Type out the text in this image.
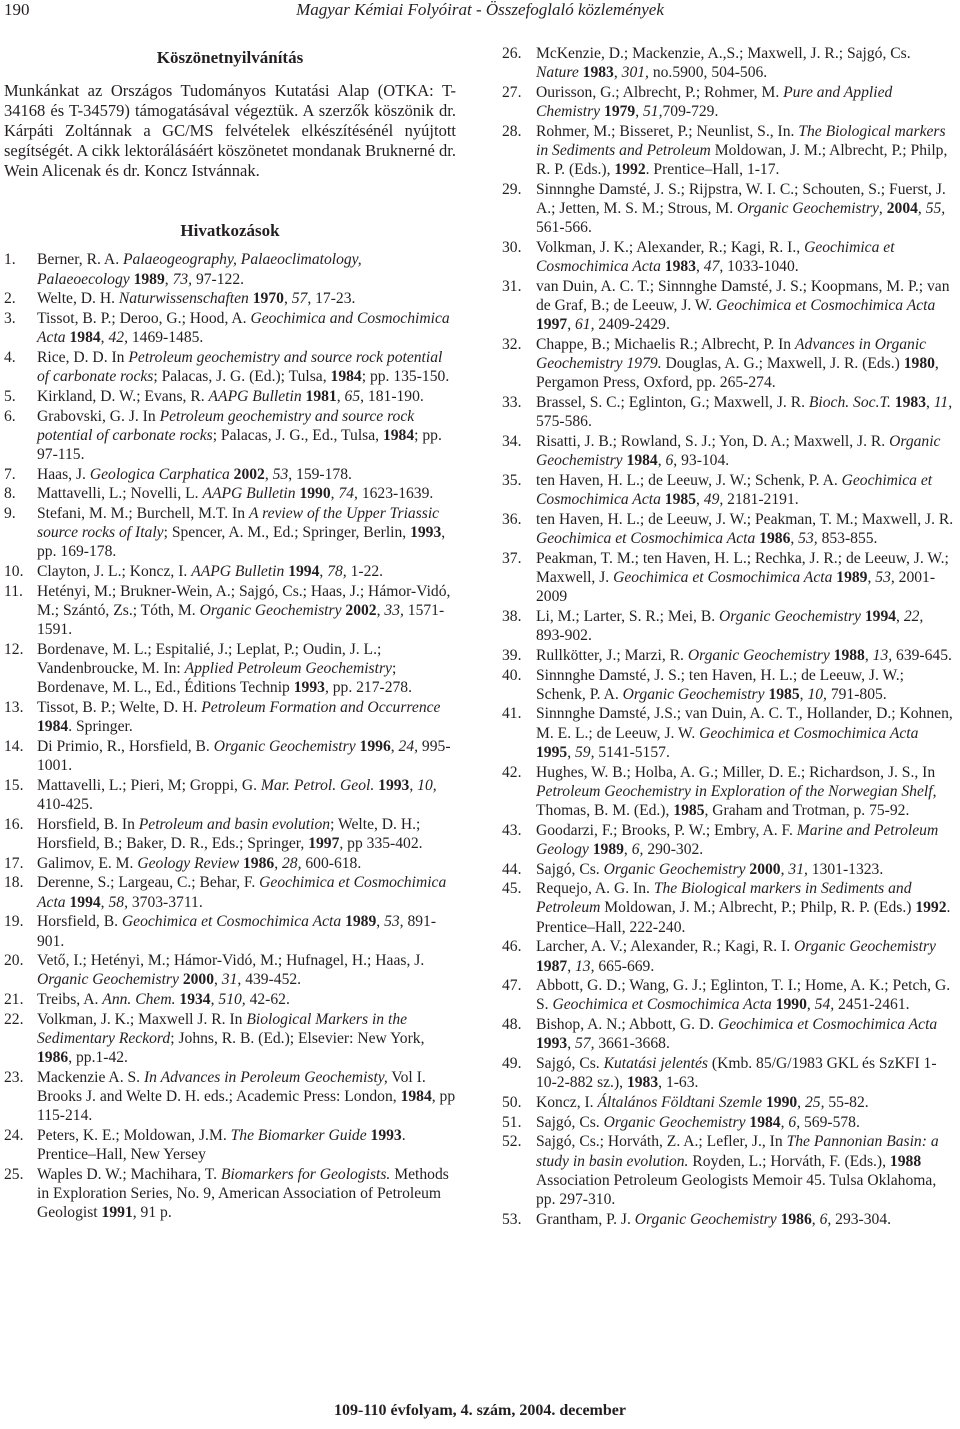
190	Magyar Kémiai Folyóirat - Összefoglaló közlemények
Köszönetnyilvánítás

Munkánkat az Országos Tudományos Kutatási Alap (OTKA: T-34168 és T-34579) támogatásával végeztük. A szerzők köszönik dr. Kárpáti Zoltánnak a GC/MS felvételek elkészítésénél nyújtott segítségét. A cikk lektorálásáért köszönetet mondanak Bruknerné dr. Wein Alicenak és dr. Koncz Istvánnak.

Hivatkozások
1. Berner, R. A. Palaeogeography, Palaeoclimatology, Palaeoecology 1989, 73, 97-122.
2. Welte, D. H. Naturwissenschaften 1970, 57, 17-23.
3. Tissot, B. P.; Deroo, G.; Hood, A. Geochimica and Cosmochimica Acta 1984, 42, 1469-1485.
4. Rice, D. D. In Petroleum geochemistry and source rock potential of carbonate rocks; Palacas, J. G. (Ed.); Tulsa, 1984; pp. 135-150.
5. Kirkland, D. W.; Evans, R. AAPG Bulletin 1981, 65, 181-190.
6. Grabovski, G. J. In Petroleum geochemistry and source rock potential of carbonate rocks; Palacas, J. G., Ed., Tulsa, 1984; pp. 97-115.
7. Haas, J. Geologica Carphatica 2002, 53, 159-178.
8. Mattavelli, L.; Novelli, L. AAPG Bulletin 1990, 74, 1623-1639.
9. Stefani, M. M.; Burchell, M.T. In A review of the Upper Triassic source rocks of Italy; Spencer, A. M., Ed.; Springer, Berlin, 1993, pp. 169-178.
10. Clayton, J. L.; Koncz, I. AAPG Bulletin 1994, 78, 1-22.
11. Hetényi, M.; Brukner-Wein, A.; Sajgó, Cs.; Haas, J.; Hámor-Vidó, M.; Szántó, Zs.; Tóth, M. Organic Geochemistry 2002, 33, 1571-1591.
12. Bordenave, M. L.; Espitalié, J.; Leplat, P.; Oudin, J. L.; Vandenbroucke, M. In: Applied Petroleum Geochemistry; Bordenave, M. L., Ed., Éditions Technip 1993, pp. 217-278.
13. Tissot, B. P.; Welte, D. H. Petroleum Formation and Occurrence 1984. Springer.
14. Di Primio, R., Horsfield, B. Organic Geochemistry 1996, 24, 995-1001.
15. Mattavelli, L.; Pieri, M; Groppi, G. Mar. Petrol. Geol. 1993, 10, 410-425.
16. Horsfield, B. In Petroleum and basin evolution; Welte, D. H.; Horsfield, B.; Baker, D. R., Eds.; Springer, 1997, pp 335-402.
17. Galimov, E. M. Geology Review 1986, 28, 600-618.
18. Derenne, S.; Largeau, C.; Behar, F. Geochimica et Cosmochimica Acta 1994, 58, 3703-3711.
19. Horsfield, B. Geochimica et Cosmochimica Acta 1989, 53, 891-901.
20. Vető, I.; Hetényi, M.; Hámor-Vidó, M.; Hufnagel, H.; Haas, J. Organic Geochemistry 2000, 31, 439-452.
21. Treibs, A. Ann. Chem. 1934, 510, 42-62.
22. Volkman, J. K.; Maxwell J. R. In Biological Markers in the Sedimentary Reckord; Johns, R. B. (Ed.); Elsevier: New York, 1986, pp.1-42.
23. Mackenzie A. S. In Advances in Peroleum Geochemisty, Vol I. Brooks J. and Welte D. H. eds.; Academic Press: London, 1984, pp 115-214.
24. Peters, K. E.; Moldowan, J.M. The Biomarker Guide 1993. Prentice–Hall, New Yersey
25. Waples D. W.; Machihara, T. Biomarkers for Geologists. Methods in Exploration Series, No. 9, American Association of Petroleum Geologist 1991, 91 p.
26. McKenzie, D.; Mackenzie, A.,S.; Maxwell, J. R.; Sajgó, Cs. Nature 1983, 301, no.5900, 504-506.
27. Ourisson, G.; Albrecht, P.; Rohmer, M. Pure and Applied Chemistry 1979, 51,709-729.
28. Rohmer, M.; Bisseret, P.; Neunlist, S., In. The Biological markers in Sediments and Petroleum Moldowan, J. M.; Albrecht, P.; Philp, R. P. (Eds.), 1992. Prentice–Hall, 1-17.
29. Sinnnghe Damsté, J. S.; Rijpstra, W. I. C.; Schouten, S.; Fuerst, J. A.; Jetten, M. S. M.; Strous, M. Organic Geochemistry, 2004, 55, 561-566.
30. Volkman, J. K.; Alexander, R.; Kagi, R. I., Geochimica et Cosmochimica Acta 1983, 47, 1033-1040.
31. van Duin, A. C. T.; Sinnnghe Damsté, J. S.; Koopmans, M. P.; van de Graf, B.; de Leeuw, J. W. Geochimica et Cosmochimica Acta 1997, 61, 2409-2429.
32. Chappe, B.; Michaelis R.; Albrecht, P. In Advances in Organic Geochemistry 1979. Douglas, A. G.; Maxwell, J. R. (Eds.) 1980, Pergamon Press, Oxford, pp. 265-274.
33. Brassel, S. C.; Eglinton, G.; Maxwell, J. R. Bioch. Soc.T. 1983, 11, 575-586.
34. Risatti, J. B.; Rowland, S. J.; Yon, D. A.; Maxwell, J. R. Organic Geochemistry 1984, 6, 93-104.
35. ten Haven, H. L.; de Leeuw, J. W.; Schenk, P. A. Geochimica et Cosmochimica Acta 1985, 49, 2181-2191.
36. ten Haven, H. L.; de Leeuw, J. W.; Peakman, T. M.; Maxwell, J. R. Geochimica et Cosmochimica Acta 1986, 53, 853-855.
37. Peakman, T. M.; ten Haven, H. L.; Rechka, J. R.; de Leeuw, J. W.; Maxwell, J. Geochimica et Cosmochimica Acta 1989, 53, 2001-2009
38. Li, M.; Larter, S. R.; Mei, B. Organic Geochemistry 1994, 22, 893-902.
39. Rullkötter, J.; Marzi, R. Organic Geochemistry 1988, 13, 639-645.
40. Sinnnghe Damsté, J. S.; ten Haven, H. L.; de Leeuw, J. W.; Schenk, P. A. Organic Geochemistry 1985, 10, 791-805.
41. Sinnnghe Damsté, J.S.; van Duin, A. C. T., Hollander, D.; Kohnen, M. E. L.; de Leeuw, J. W. Geochimica et Cosmochimica Acta 1995, 59, 5141-5157.
42. Hughes, W. B.; Holba, A. G.; Miller, D. E.; Richardson, J. S., In Petroleum Geochemistry in Exploration of the Norwegian Shelf, Thomas, B. M. (Ed.), 1985, Graham and Trotman, p. 75-92.
43. Goodarzi, F.; Brooks, P. W.; Embry, A. F. Marine and Petroleum Geology 1989, 6, 290-302.
44. Sajgó, Cs. Organic Geochemistry 2000, 31, 1301-1323.
45. Requejo, A. G. In. The Biological markers in Sediments and Petroleum Moldowan, J. M.; Albrecht, P.; Philp, R. P. (Eds.) 1992. Prentice–Hall, 222-240.
46. Larcher, A. V.; Alexander, R.; Kagi, R. I. Organic Geochemistry 1987, 13, 665-669.
47. Abbott, G. D.; Wang, G. J.; Eglinton, T. I.; Home, A. K.; Petch, G. S. Geochimica et Cosmochimica Acta 1990, 54, 2451-2461.
48. Bishop, A. N.; Abbott, G. D. Geochimica et Cosmochimica Acta 1993, 57, 3661-3668.
49. Sajgó, Cs. Kutatási jelentés (Kmb. 85/G/1983 GKL és SzKFI 1-10-2-882 sz.), 1983, 1-63.
50. Koncz, I. Általános Földtani Szemle 1990, 25, 55-82.
51. Sajgó, Cs. Organic Geochemistry 1984, 6, 569-578.
52. Sajgó, Cs.; Horváth, Z. A.; Lefler, J., In The Pannonian Basin: a study in basin evolution. Royden, L.; Horváth, F. (Eds.), 1988 Association Petroleum Geologists Memoir 45. Tulsa Oklahoma, pp. 297-310.
53. Grantham, P. J. Organic Geochemistry 1986, 6, 293-304.
109-110 évfolyam, 4. szám, 2004. december
